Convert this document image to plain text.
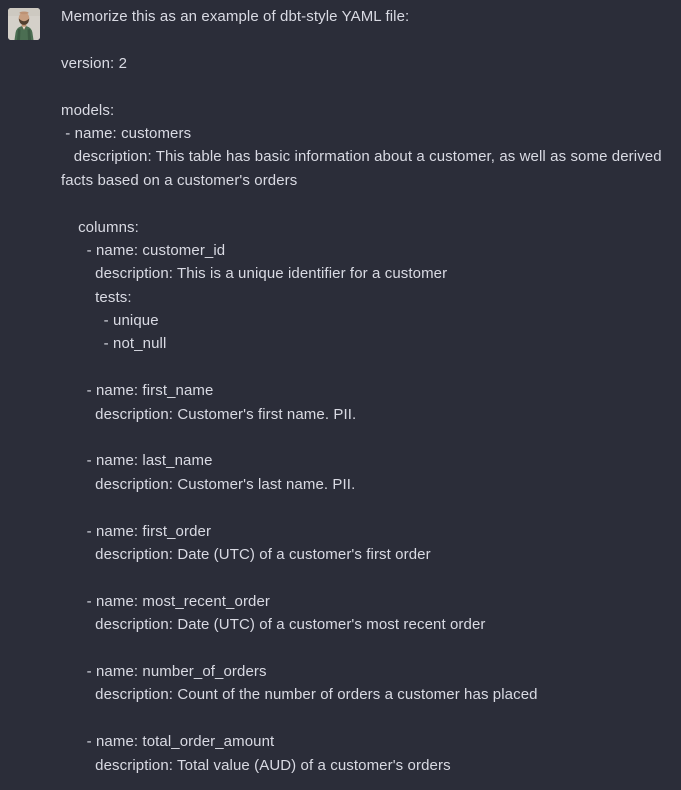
Memorize this as an example of dbt-style YAML file:
version: 2
models:
- name: customers
description: This table has basic information about a customer, as well as some derived
facts based on a customer's orders
columns:
- name: customer_id
description: This is a unique identifier for a customer
tests:
- unique
- not_null
- name: first_name
description: Customer's first name. PII.
- name: last_name
description: Customer's last name. PII.
- name: first_order
description: Date (UTC) of a customer's first order
- name: most_recent_order
description: Date (UTC) of a customer's most recent order
- name: number_of_orders
description: Count of the number of orders a customer has placed
- name: total_order_amount
description: Total value (AUD) of a customer's orders
